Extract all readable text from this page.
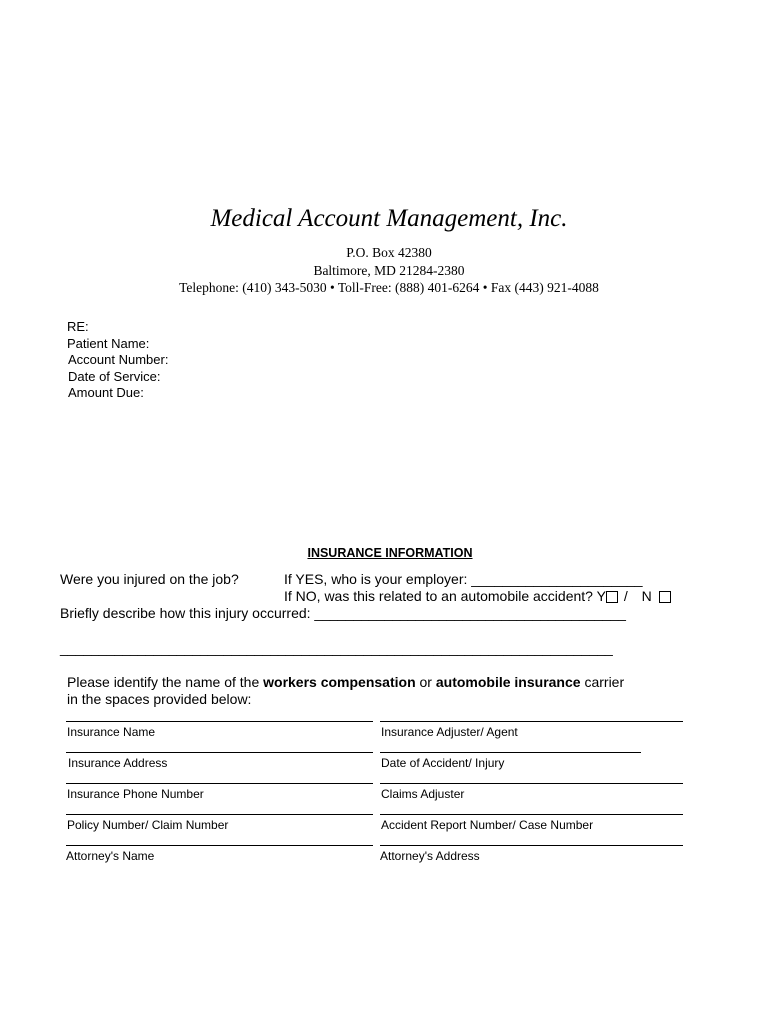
Medical Account Management, Inc.
P.O. Box 42380
Baltimore, MD 21284-2380
Telephone: (410) 343-5030 • Toll-Free: (888) 401-6264 • Fax (443) 921-4088
RE:
Patient Name:
Account Number:
Date of Service:
Amount Due:
INSURANCE INFORMATION
Were you injured on the job?	If YES, who is your employer: ______________________
If NO, was this related to an automobile accident? Y / N
Briefly describe how this injury occurred: ________________________________________
_______________________________________________________________________
Please identify the name of the workers compensation or automobile insurance carrier
in the spaces provided below:
Insurance Name	Insurance Adjuster/ Agent
Insurance Address	Date of Accident/ Injury
Insurance Phone Number	Claims Adjuster
Policy Number/ Claim Number	Accident Report Number/ Case Number
Attorney's Name	Attorney's Address
